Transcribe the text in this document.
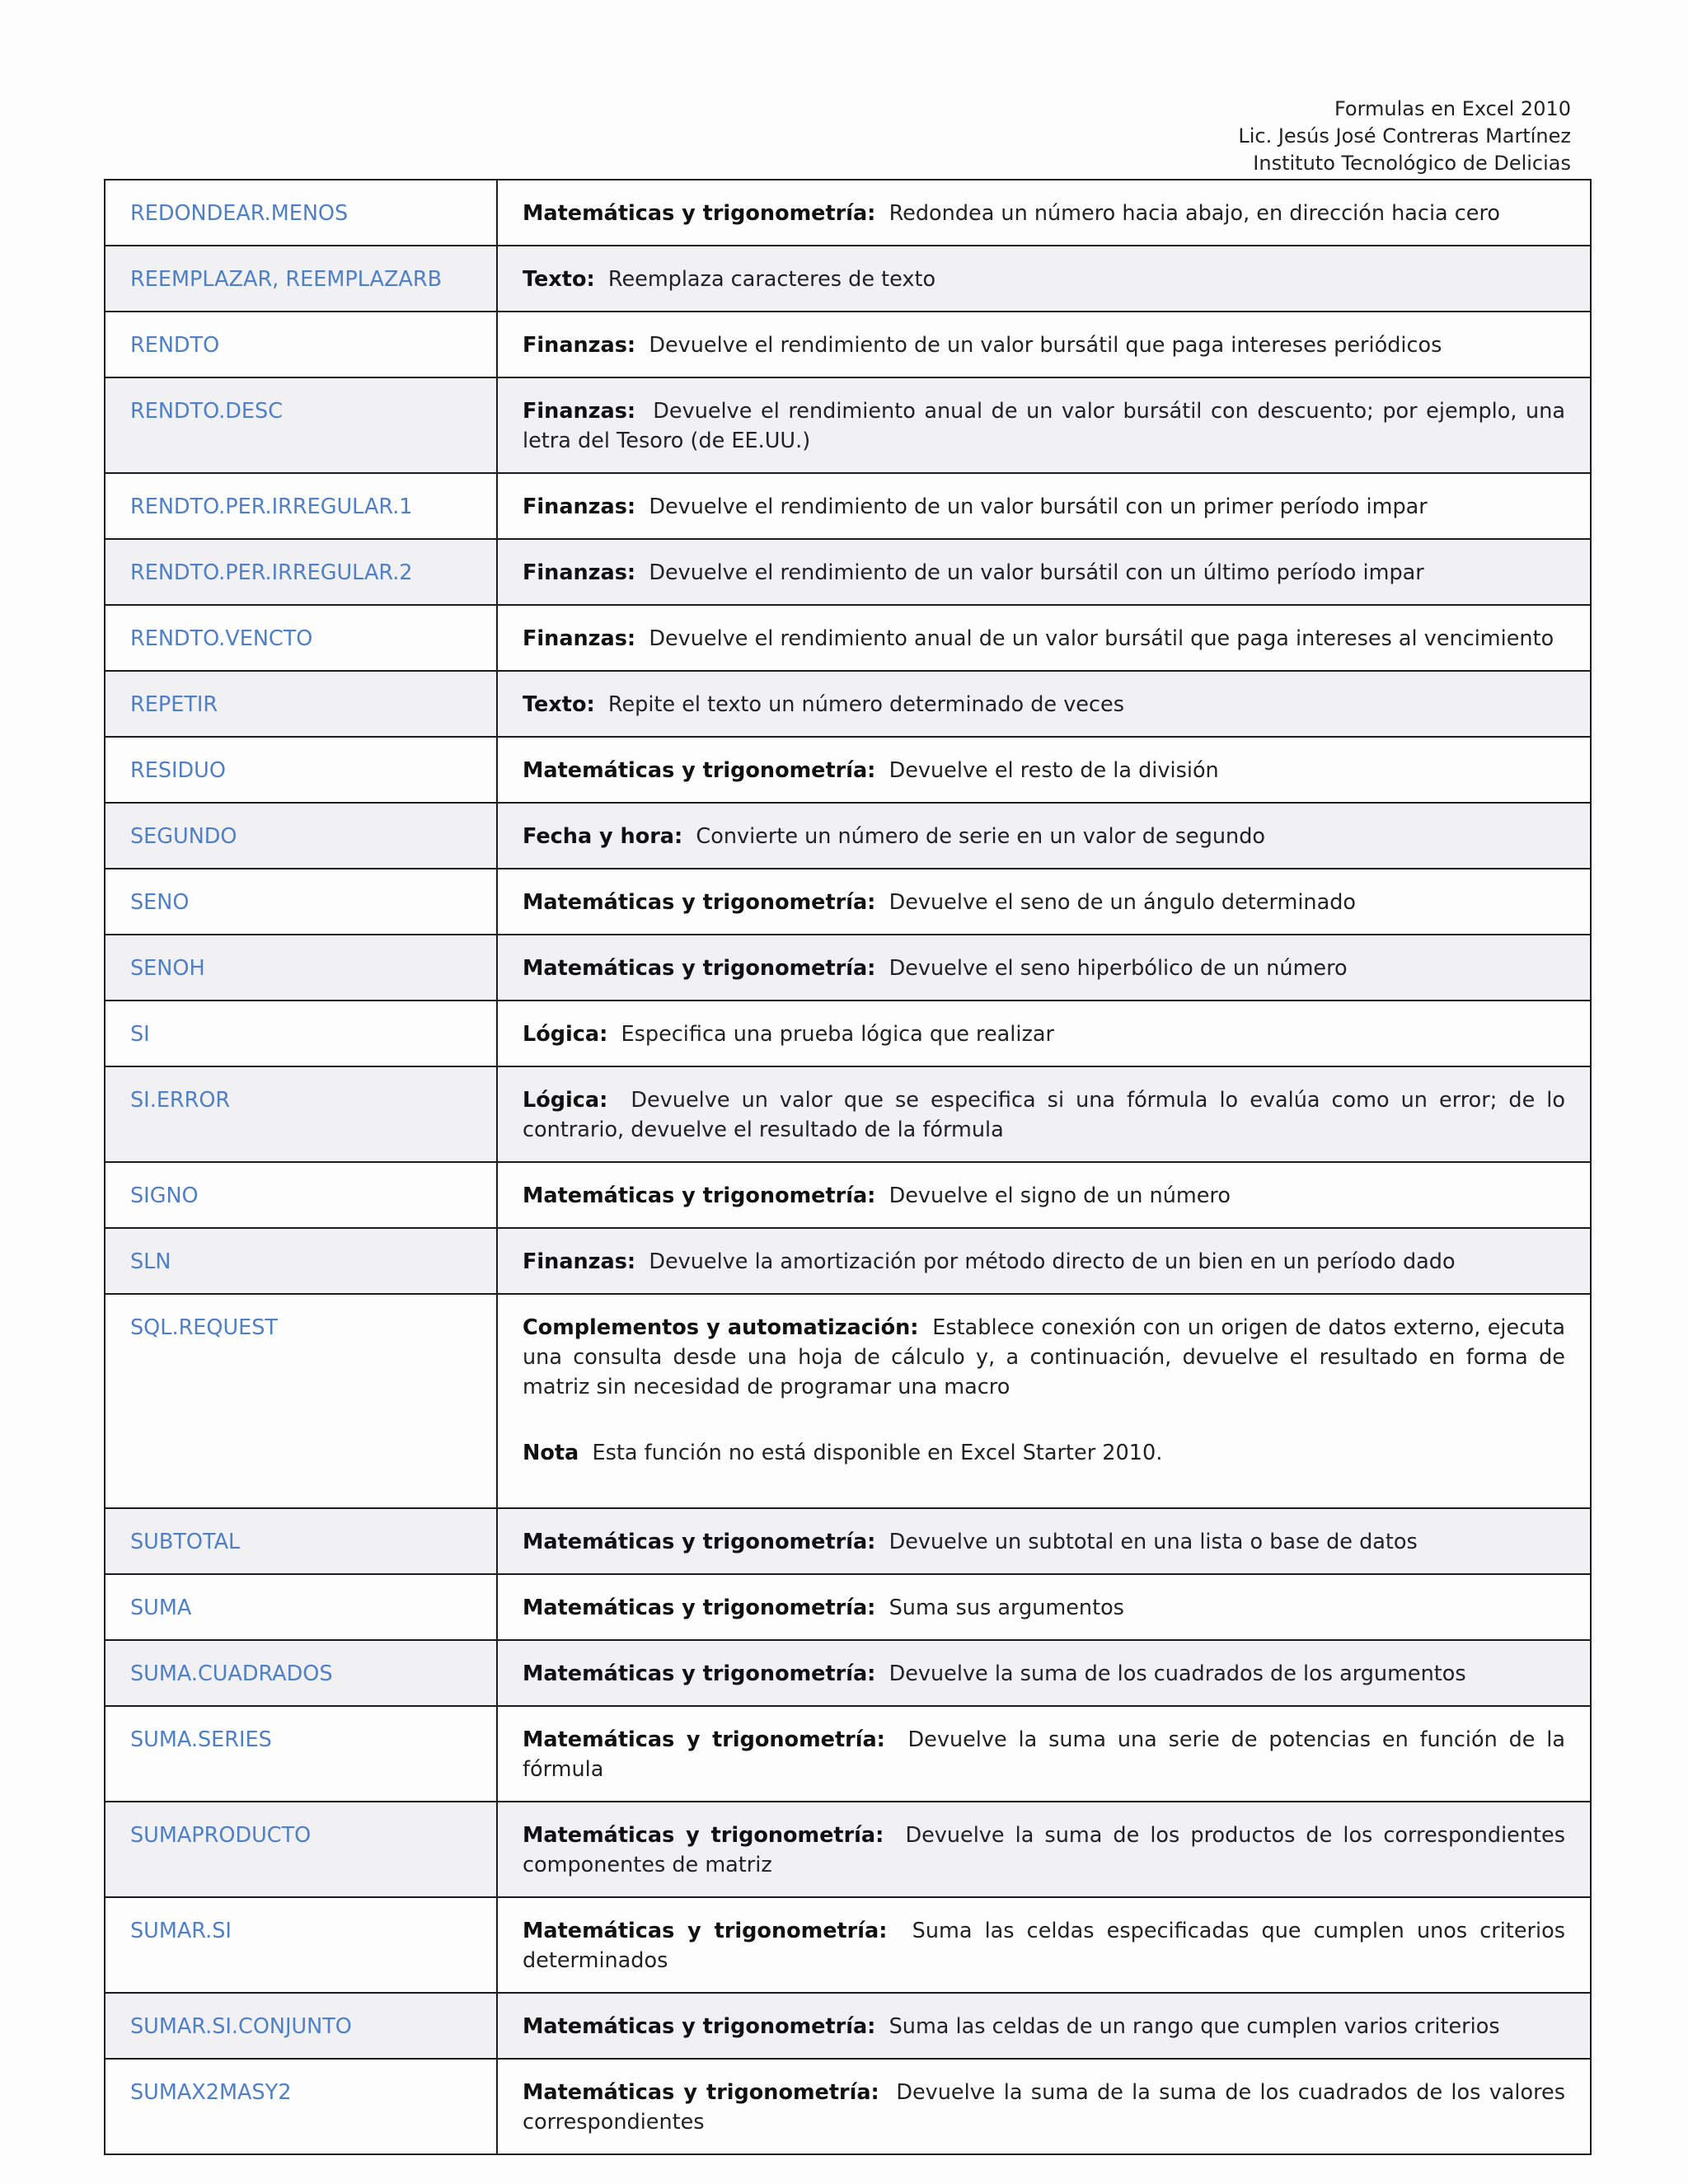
Formulas en Excel 2010
Lic. Jesús José Contreras Martínez
Instituto Tecnológico de Delicias
REDONDEAR.MENOS	Matemáticas y trigonometría: Redondea un número hacia abajo, en dirección hacia cero
REEMPLAZAR, REEMPLAZARB	Texto: Reemplaza caracteres de texto
RENDTO	Finanzas: Devuelve el rendimiento de un valor bursátil que paga intereses periódicos
RENDTO.DESC	Finanzas: Devuelve el rendimiento anual de un valor bursátil con descuento; por ejemplo, una letra del Tesoro (de EE.UU.)
RENDTO.PER.IRREGULAR.1	Finanzas: Devuelve el rendimiento de un valor bursátil con un primer período impar
RENDTO.PER.IRREGULAR.2	Finanzas: Devuelve el rendimiento de un valor bursátil con un último período impar
RENDTO.VENCTO	Finanzas: Devuelve el rendimiento anual de un valor bursátil que paga intereses al vencimiento
REPETIR	Texto: Repite el texto un número determinado de veces
RESIDUO	Matemáticas y trigonometría: Devuelve el resto de la división
SEGUNDO	Fecha y hora: Convierte un número de serie en un valor de segundo
SENO	Matemáticas y trigonometría: Devuelve el seno de un ángulo determinado
SENOH	Matemáticas y trigonometría: Devuelve el seno hiperbólico de un número
SI	Lógica: Especifica una prueba lógica que realizar
SI.ERROR	Lógica: Devuelve un valor que se especifica si una fórmula lo evalúa como un error; de lo contrario, devuelve el resultado de la fórmula
SIGNO	Matemáticas y trigonometría: Devuelve el signo de un número
SLN	Finanzas: Devuelve la amortización por método directo de un bien en un período dado
SQL.REQUEST	Complementos y automatización: Establece conexión con un origen de datos externo, ejecuta una consulta desde una hoja de cálculo y, a continuación, devuelve el resultado en forma de matriz sin necesidad de programar una macro
Nota Esta función no está disponible en Excel Starter 2010.
SUBTOTAL	Matemáticas y trigonometría: Devuelve un subtotal en una lista o base de datos
SUMA	Matemáticas y trigonometría: Suma sus argumentos
SUMA.CUADRADOS	Matemáticas y trigonometría: Devuelve la suma de los cuadrados de los argumentos
SUMA.SERIES	Matemáticas y trigonometría: Devuelve la suma una serie de potencias en función de la fórmula
SUMAPRODUCTO	Matemáticas y trigonometría: Devuelve la suma de los productos de los correspondientes componentes de matriz
SUMAR.SI	Matemáticas y trigonometría: Suma las celdas especificadas que cumplen unos criterios determinados
SUMAR.SI.CONJUNTO	Matemáticas y trigonometría: Suma las celdas de un rango que cumplen varios criterios
SUMAX2MASY2	Matemáticas y trigonometría: Devuelve la suma de la suma de los cuadrados de los valores correspondientes
